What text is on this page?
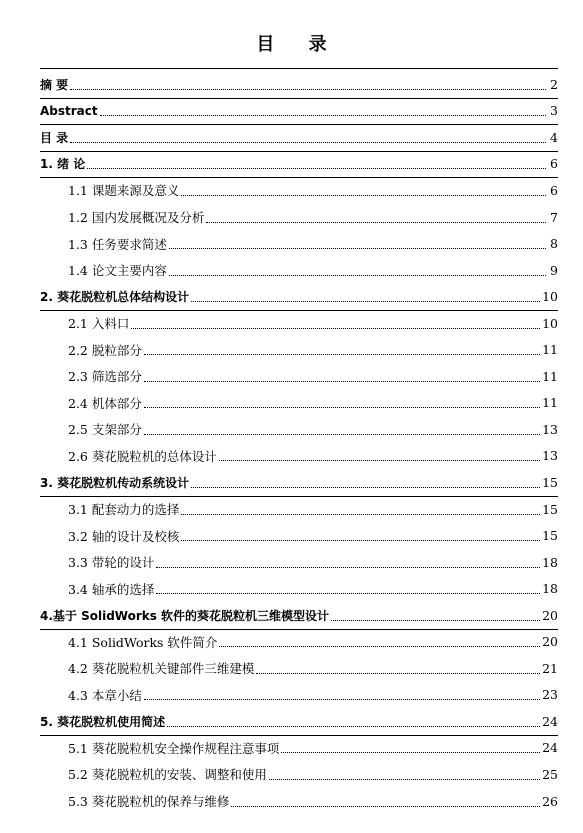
目 录
摘 要	2
Abstract	3
目 录	4
1. 绪 论	6
1.1 课题来源及意义	6
1.2 国内发展概况及分析	7
1.3 任务要求简述	8
1.4 论文主要内容	9
2. 葵花脱粒机总体结构设计	10
2.1 入料口	10
2.2 脱粒部分	11
2.3 筛选部分	11
2.4 机体部分	11
2.5 支架部分	13
2.6 葵花脱粒机的总体设计	13
3. 葵花脱粒机传动系统设计	15
3.1 配套动力的选择	15
3.2 轴的设计及校核	15
3.3 带轮的设计	18
3.4 轴承的选择	18
4.基于 SolidWorks 软件的葵花脱粒机三维模型设计	20
4.1 SolidWorks 软件简介	20
4.2 葵花脱粒机关键部件三维建模	21
4.3 本章小结	23
5. 葵花脱粒机使用简述	24
5.1 葵花脱粒机安全操作规程注意事项	24
5.2 葵花脱粒机的安装、调整和使用	25
5.3 葵花脱粒机的保养与维修	26
